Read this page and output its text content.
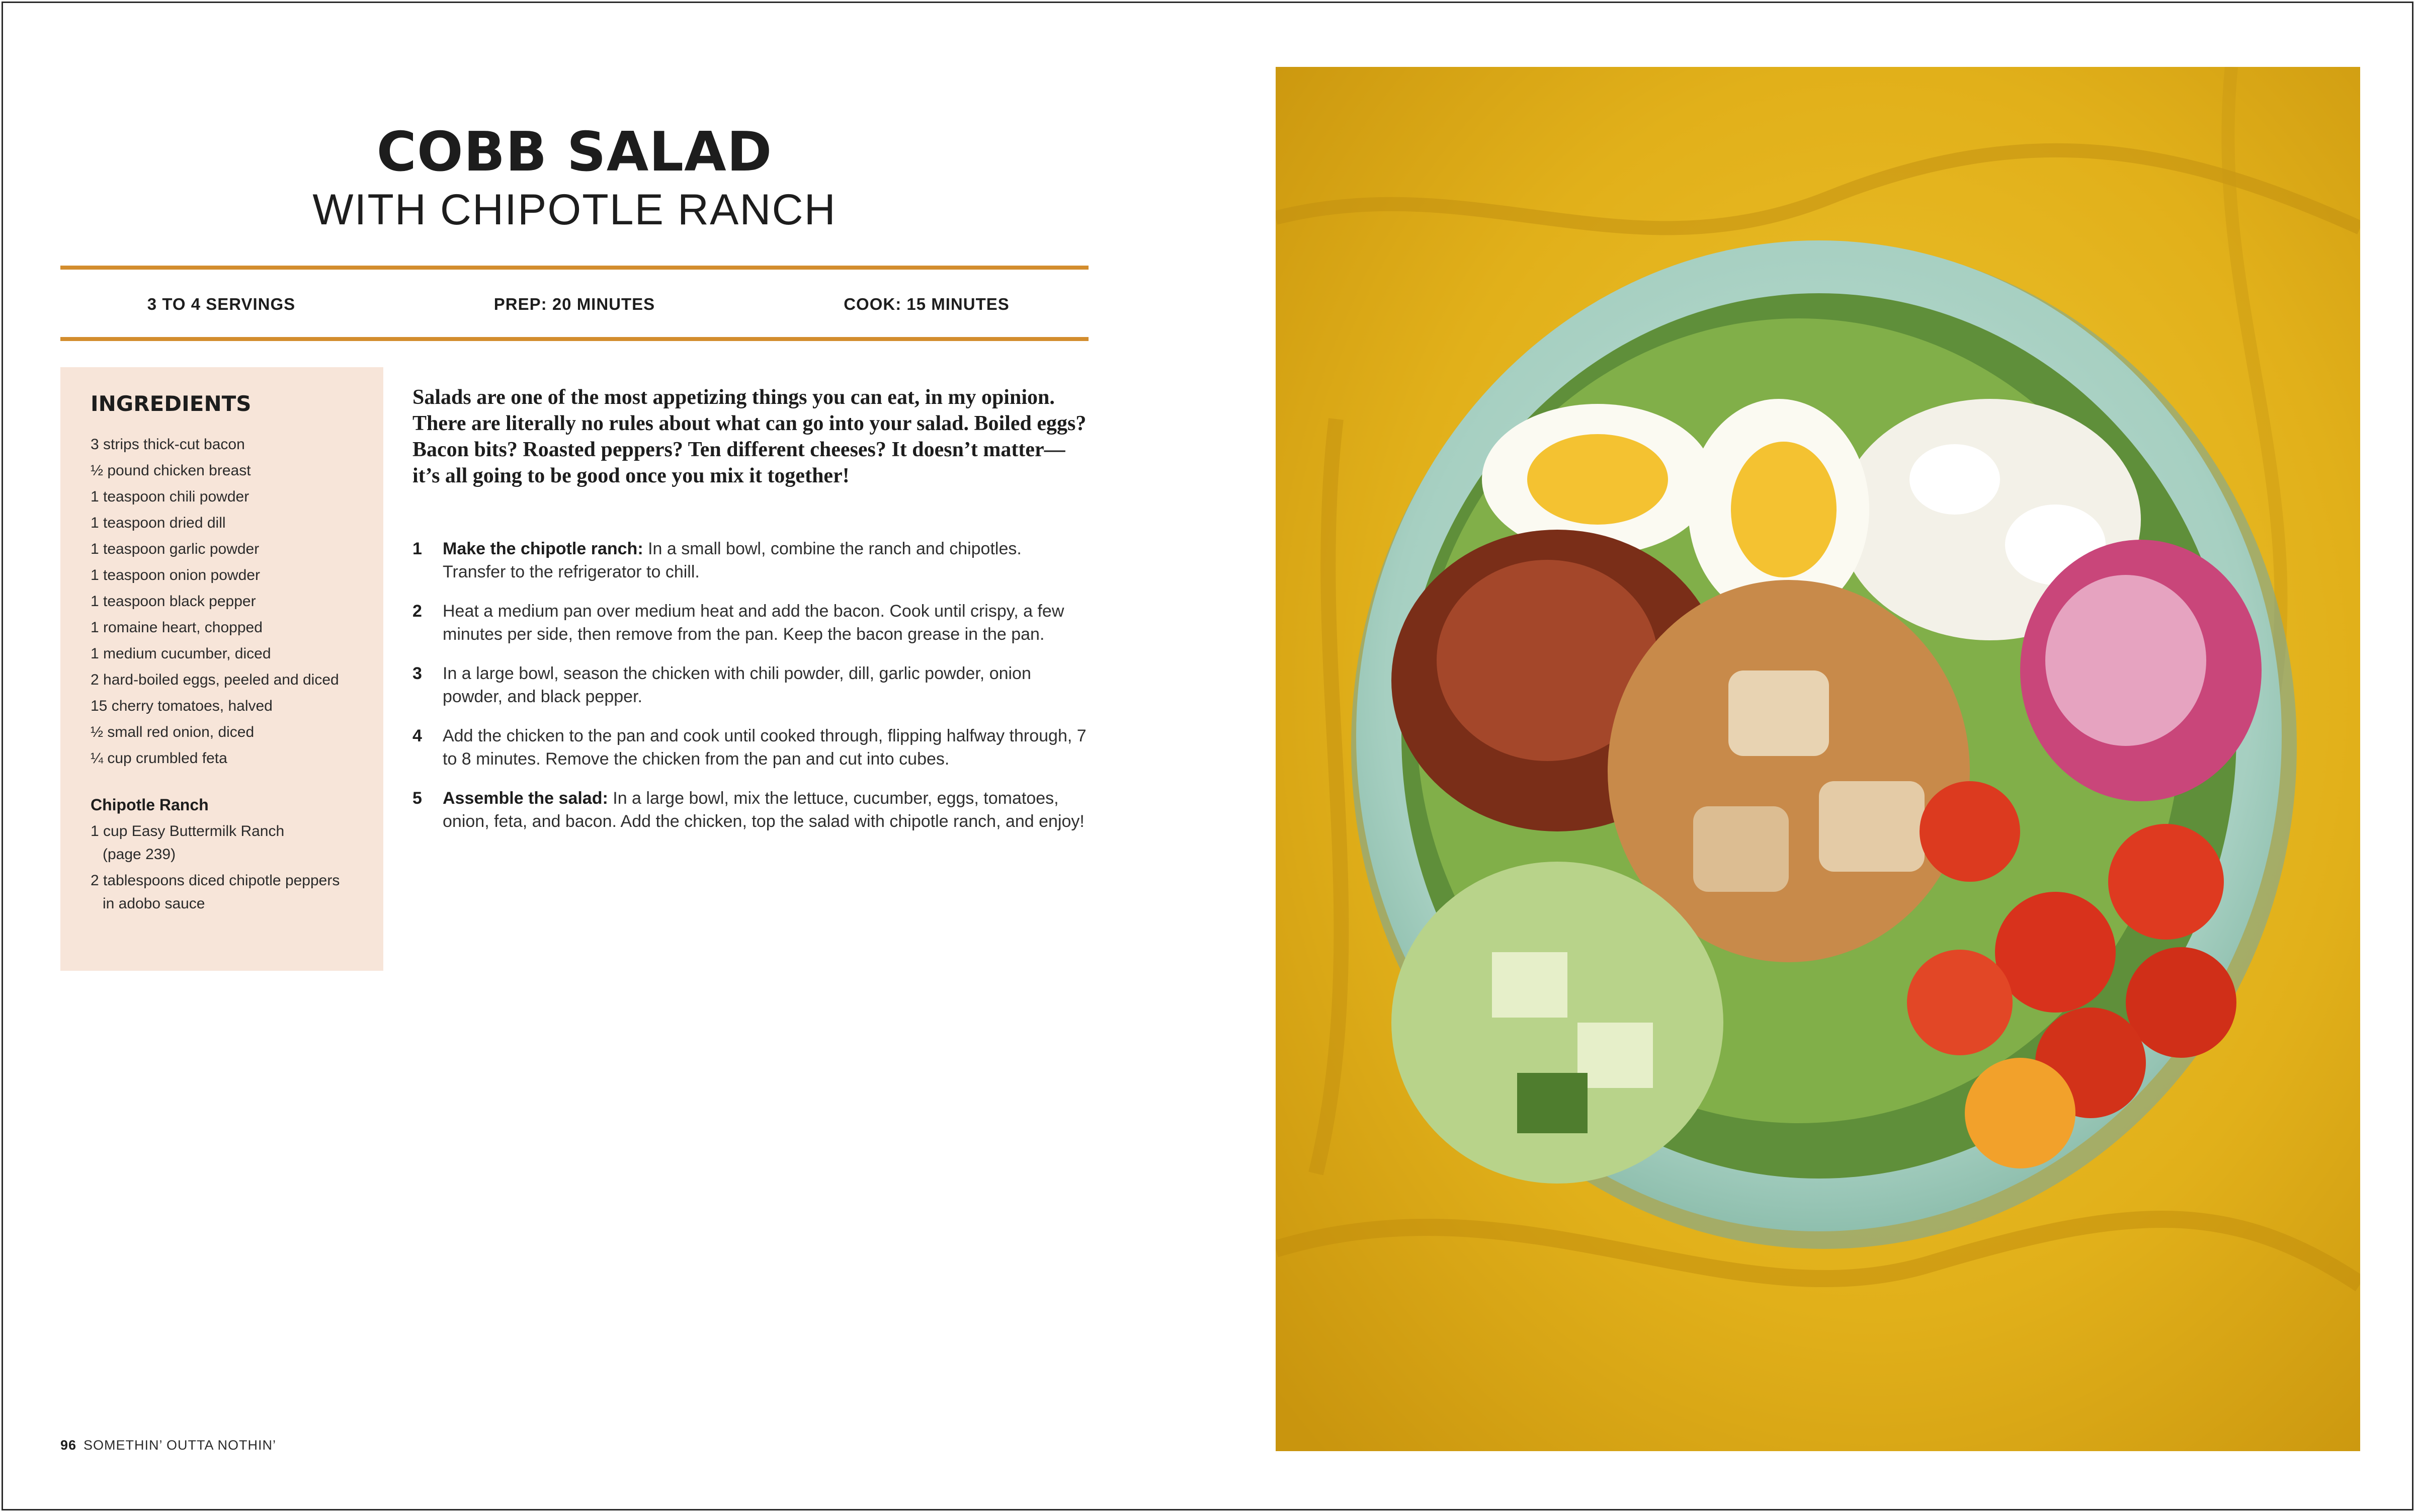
COBB SALAD
WITH CHIPOTLE RANCH
3 TO 4 SERVINGS	PREP: 20 MINUTES	COOK: 15 MINUTES
INGREDIENTS
3 strips thick-cut bacon
½ pound chicken breast
1 teaspoon chili powder
1 teaspoon dried dill
1 teaspoon garlic powder
1 teaspoon onion powder
1 teaspoon black pepper
1 romaine heart, chopped
1 medium cucumber, diced
2 hard-boiled eggs, peeled and diced
15 cherry tomatoes, halved
½ small red onion, diced
¼ cup crumbled feta
Chipotle Ranch
1 cup Easy Buttermilk Ranch
(page 239)
2 tablespoons diced chipotle peppers
in adobo sauce

Salads are one of the most appetizing things you can eat, in my opinion. There are literally no rules about what can go into your salad. Boiled eggs? Bacon bits? Roasted peppers? Ten different cheeses? It doesn’t matter—it’s all going to be good once you mix it together!

1 Make the chipotle ranch: In a small bowl, combine the ranch and chipotles. Transfer to the refrigerator to chill.
2 Heat a medium pan over medium heat and add the bacon. Cook until crispy, a few minutes per side, then remove from the pan. Keep the bacon grease in the pan.
3 In a large bowl, season the chicken with chili powder, dill, garlic powder, onion powder, and black pepper.
4 Add the chicken to the pan and cook until cooked through, flipping halfway through, 7 to 8 minutes. Remove the chicken from the pan and cut into cubes.
5 Assemble the salad: In a large bowl, mix the lettuce, cucumber, eggs, tomatoes, onion, feta, and bacon. Add the chicken, top the salad with chipotle ranch, and enjoy!
96 SOMETHIN’ OUTTA NOTHIN’
